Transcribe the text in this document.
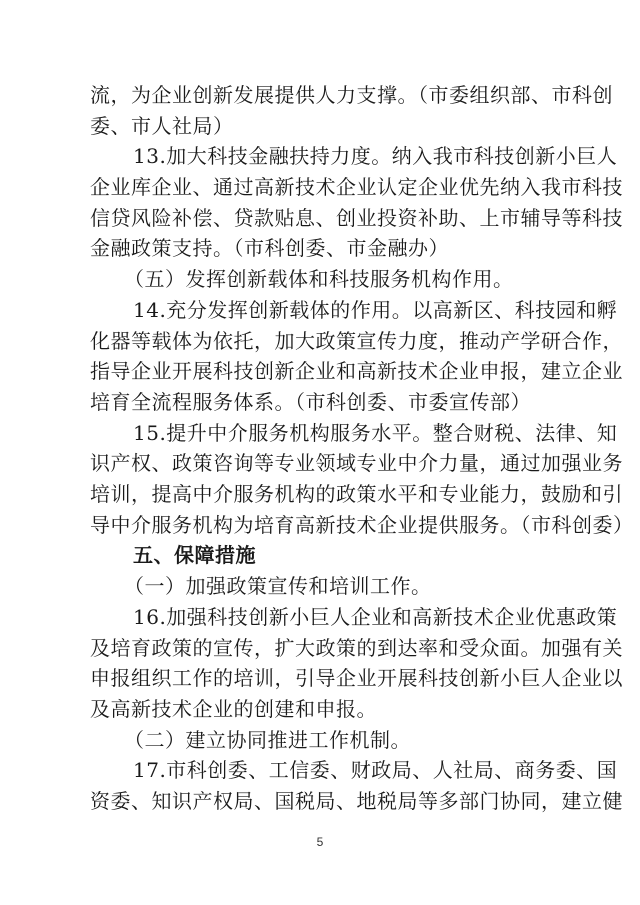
流，为企业创新发展提供人力支撑。（市委组织部、市科创
委、市人社局）
13.加大科技金融扶持力度。纳入我市科技创新小巨人
企业库企业、通过高新技术企业认定企业优先纳入我市科技
信贷风险补偿、贷款贴息、创业投资补助、上市辅导等科技
金融政策支持。（市科创委、市金融办）
（五）发挥创新载体和科技服务机构作用。
14.充分发挥创新载体的作用。以高新区、科技园和孵
化器等载体为依托，加大政策宣传力度，推动产学研合作，
指导企业开展科技创新企业和高新技术企业申报，建立企业
培育全流程服务体系。（市科创委、市委宣传部）
15.提升中介服务机构服务水平。整合财税、法律、知
识产权、政策咨询等专业领域专业中介力量，通过加强业务
培训，提高中介服务机构的政策水平和专业能力，鼓励和引
导中介服务机构为培育高新技术企业提供服务。（市科创委）
五、保障措施
（一）加强政策宣传和培训工作。
16.加强科技创新小巨人企业和高新技术企业优惠政策
及培育政策的宣传，扩大政策的到达率和受众面。加强有关
申报组织工作的培训，引导企业开展科技创新小巨人企业以
及高新技术企业的创建和申报。
（二）建立协同推进工作机制。
17.市科创委、工信委、财政局、人社局、商务委、国
资委、知识产权局、国税局、地税局等多部门协同，建立健
5
